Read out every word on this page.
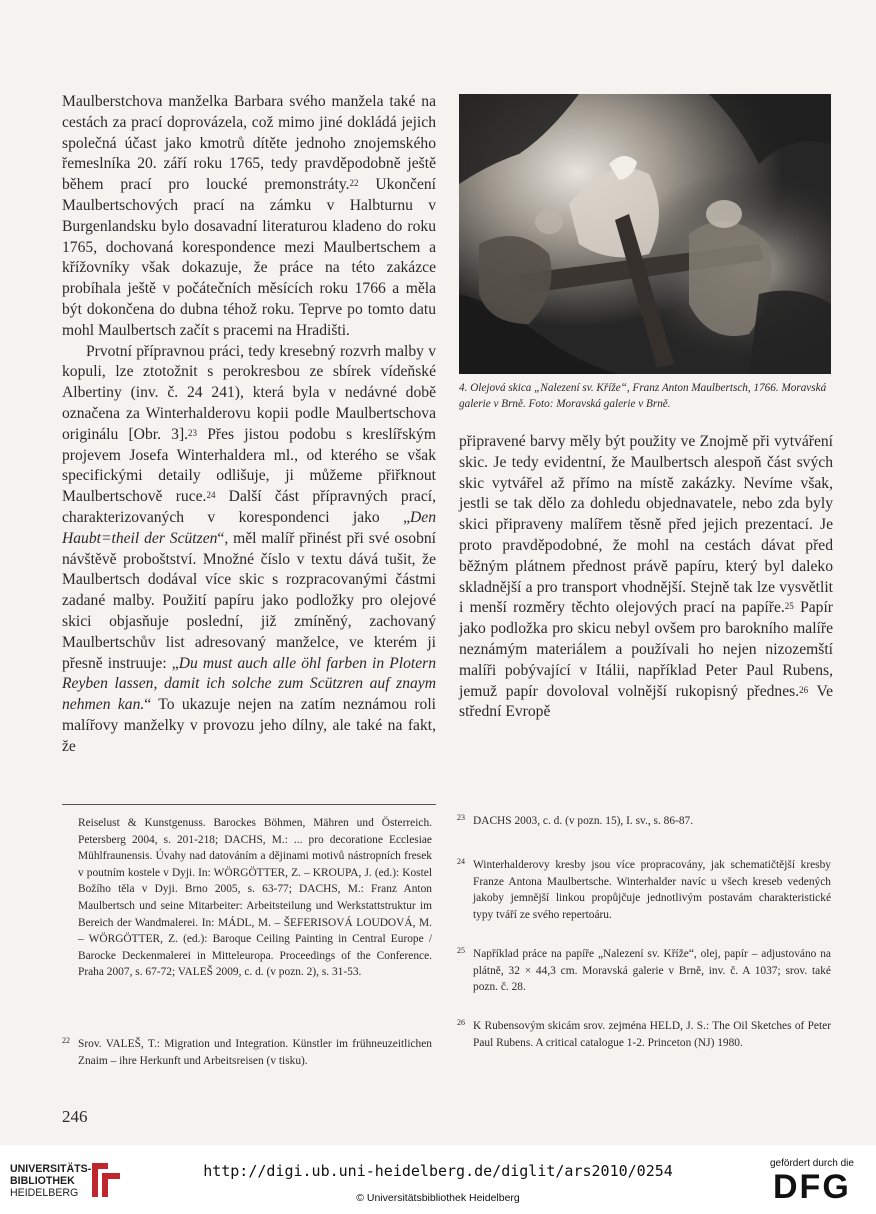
Maulberstchova manželka Barbara svého manžela také na cestách za prací doprovázela, což mimo jiné dokládá jejich společná účast jako kmotrů dítěte jednoho znojemského řemeslníka 20. září roku 1765, tedy pravděpodobně ještě během prací pro loucké premonstráty.$^{22}$ Ukončení Maulbertschových prací na zámku v Halbturnu v Burgenlandsku bylo dosavadní literaturou kladeno do roku 1765, dochovaná korespondence mezi Maulbertschem a křížovníky však dokazuje, že práce na této zakázce probíhala ještě v počátečních měsících roku 1766 a měla být dokončena do dubna téhož roku. Teprve po tomto datu mohl Maulbertsch začít s pracemi na Hradišti.

Prvotní přípravnou práci, tedy kresebný rozvrh malby v kopuli, lze ztotožnit s perokresbou ze sbírek vídeňské Albertiny (inv. č. 24 241), která byla v nedávné době označena za Winterhalderovu kopii podle Maulbertschova originálu [Obr. 3].$^{23}$ Přes jistou podobu s kreslířským projevem Josefa Winterhaldera ml., od kterého se však specifickými detaily odlišuje, ji můžeme přiřknout Maulbertschově ruce.$^{24}$ Další část přípravných prací, charakterizovaných v korespondenci jako „Den Haubt=theil der Scützen“, měl malíř přinést při své osobní návštěvě proboštství. Množné číslo v textu dává tušit, že Maulbertsch dodával více skic s rozpracovanými částmi zadané malby. Použití papíru jako podložky pro olejové skici objasňuje poslední, již zmíněný, zachovaný Maulbertschův list adresovaný manželce, ve kterém ji přesně instruuje: „Du must auch alle öhl farben in Plotern Reyben lassen, damit ich solche zum Scützren auf znaym nehmen kan.“ To ukazuje nejen na zatím neznámou roli malířovy manželky v provozu jeho dílny, ale také na fakt, že

4. Olejová skica „Nalezení sv. Kříže“, Franz Anton Maulbertsch, 1766. Moravská galerie v Brně. Foto: Moravská galerie v Brně.

připravené barvy měly být použity ve Znojmě při vytváření skic. Je tedy evidentní, že Maulbertsch alespoň část svých skic vytvářel až přímo na místě zakázky. Nevíme však, jestli se tak dělo za dohledu objednavatele, nebo zda byly skici připraveny malířem těsně před jejich prezentací. Je proto pravděpodobné, že mohl na cestách dávat před běžným plátnem přednost právě papíru, který byl daleko skladnější a pro transport vhodnější. Stejně tak lze vysvětlit i menší rozměry těchto olejových prací na papíře.$^{25}$ Papír jako podložka pro skicu nebyl ovšem pro barokního malíře neznámým materiálem a používali ho nejen nizozemští malíři pobývající v Itálii, například Peter Paul Rubens, jemuž papír dovoloval volnější rukopisný přednes.$^{26}$ Ve střední Evropě

Reiselust & Kunstgenuss. Barockes Böhmen, Mähren und Österreich. Petersberg 2004, s. 201-218; DACHS, M.: ... pro decoratione Ecclesiae Mühlfraunensis. Úvahy nad datováním a dějinami motivů nástropních fresek v poutním kostele v Dyji. In: WÖRGÖTTER, Z. – KROUPA, J. (ed.): Kostel Božího těla v Dyji. Brno 2005, s. 63-77; DACHS, M.: Franz Anton Maulbertsch und seine Mitarbeiter: Arbeitsteilung und Werkstattstruktur im Bereich der Wandmalerei. In: MÁDL, M. – ŠEFERISOVÁ LOUDOVÁ, M. – WÖRGÖTTER, Z. (ed.): Baroque Ceiling Painting in Central Europe / Barocke Deckenmalerei in Mitteleuropa. Proceedings of the Conference. Praha 2007, s. 67-72; VALEŠ 2009, c. d. (v pozn. 2), s. 31-53.
22 Srov. VALEŠ, T.: Migration und Integration. Künstler im frühneuzeitlichen Znaim – ihre Herkunft und Arbeitsreisen (v tisku).
23 DACHS 2003, c. d. (v pozn. 15), I. sv., s. 86-87.
24 Winterhalderovy kresby jsou více propracovány, jak schematičtější kresby Franze Antona Maulbertsche. Winterhalder navíc u všech kreseb vedených jakoby jemnější linkou propůjčuje jednotlivým postavám charakteristické typy tváří ze svého repertoáru.
25 Například práce na papíře „Nalezení sv. Kříže“, olej, papír – adjustováno na plátně, 32 × 44,3 cm. Moravská galerie v Brně, inv. č. A 1037; srov. také pozn. č. 28.
26 K Rubensovým skicám srov. zejména HELD, J. S.: The Oil Sketches of Peter Paul Rubens. A critical catalogue 1-2. Princeton (NJ) 1980.
246
UNIVERSITÄTS-
BIBLIOTHEK
HEIDELBERG
http://digi.ub.uni-heidelberg.de/diglit/ars2010/0254
© Universitätsbibliothek Heidelberg
gefördert durch die
DFG
